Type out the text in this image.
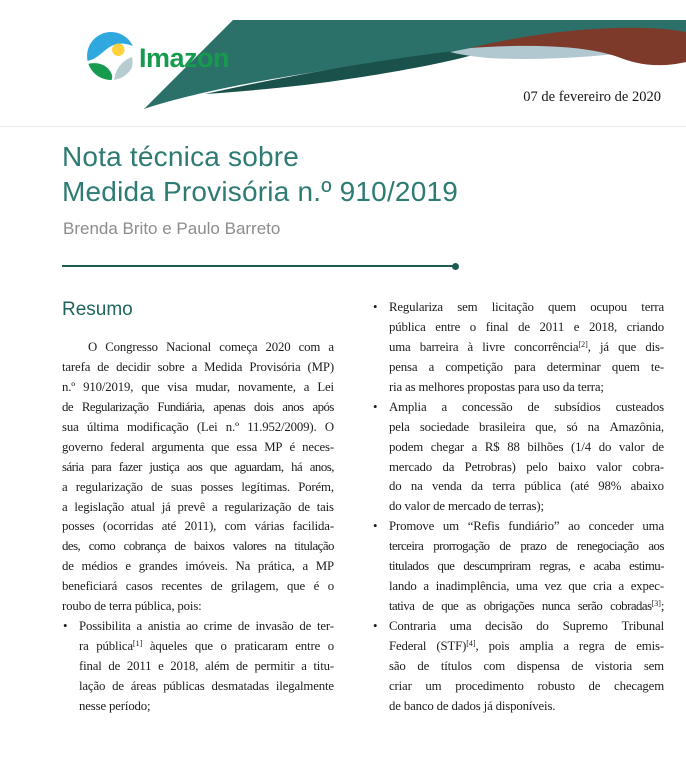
Imazon
07 de fevereiro de 2020
Nota técnica sobre
Medida Provisória n.º 910/2019
Brenda Brito e Paulo Barreto
Resumo
O Congresso Nacional começa 2020 com a
tarefa de decidir sobre a Medida Provisória (MP)
n.º 910/2019, que visa mudar, novamente, a Lei
de Regularização Fundiária, apenas dois anos após
sua última modificação (Lei n.º 11.952/2009). O
governo federal argumenta que essa MP é neces-
sária para fazer justiça aos que aguardam, há anos,
a regularização de suas posses legítimas. Porém,
a legislação atual já prevê a regularização de tais
posses (ocorridas até 2011), com várias facilida-
des, como cobrança de baixos valores na titulação
de médios e grandes imóveis. Na prática, a MP
beneficiará casos recentes de grilagem, que é o
roubo de terra pública, pois:
• Possibilita a anistia ao crime de invasão de ter-
ra pública[1] àqueles que o praticaram entre o
final de 2011 e 2018, além de permitir a titu-
lação de áreas públicas desmatadas ilegalmente
nesse período;
• Regulariza sem licitação quem ocupou terra
pública entre o final de 2011 e 2018, criando
uma barreira à livre concorrência[2], já que dis-
pensa a competição para determinar quem te-
ria as melhores propostas para uso da terra;
• Amplia a concessão de subsídios custeados
pela sociedade brasileira que, só na Amazônia,
podem chegar a R$ 88 bilhões (1/4 do valor de
mercado da Petrobras) pelo baixo valor cobra-
do na venda da terra pública (até 98% abaixo
do valor de mercado de terras);
• Promove um “Refis fundiário” ao conceder uma
terceira prorrogação de prazo de renegociação aos
titulados que descumpriram regras, e acaba estimu-
lando a inadimplência, uma vez que cria a expec-
tativa de que as obrigações nunca serão cobradas[3];
• Contraria uma decisão do Supremo Tribunal
Federal (STF)[4], pois amplia a regra de emis-
são de títulos com dispensa de vistoria sem
criar um procedimento robusto de checagem
de banco de dados já disponíveis.
